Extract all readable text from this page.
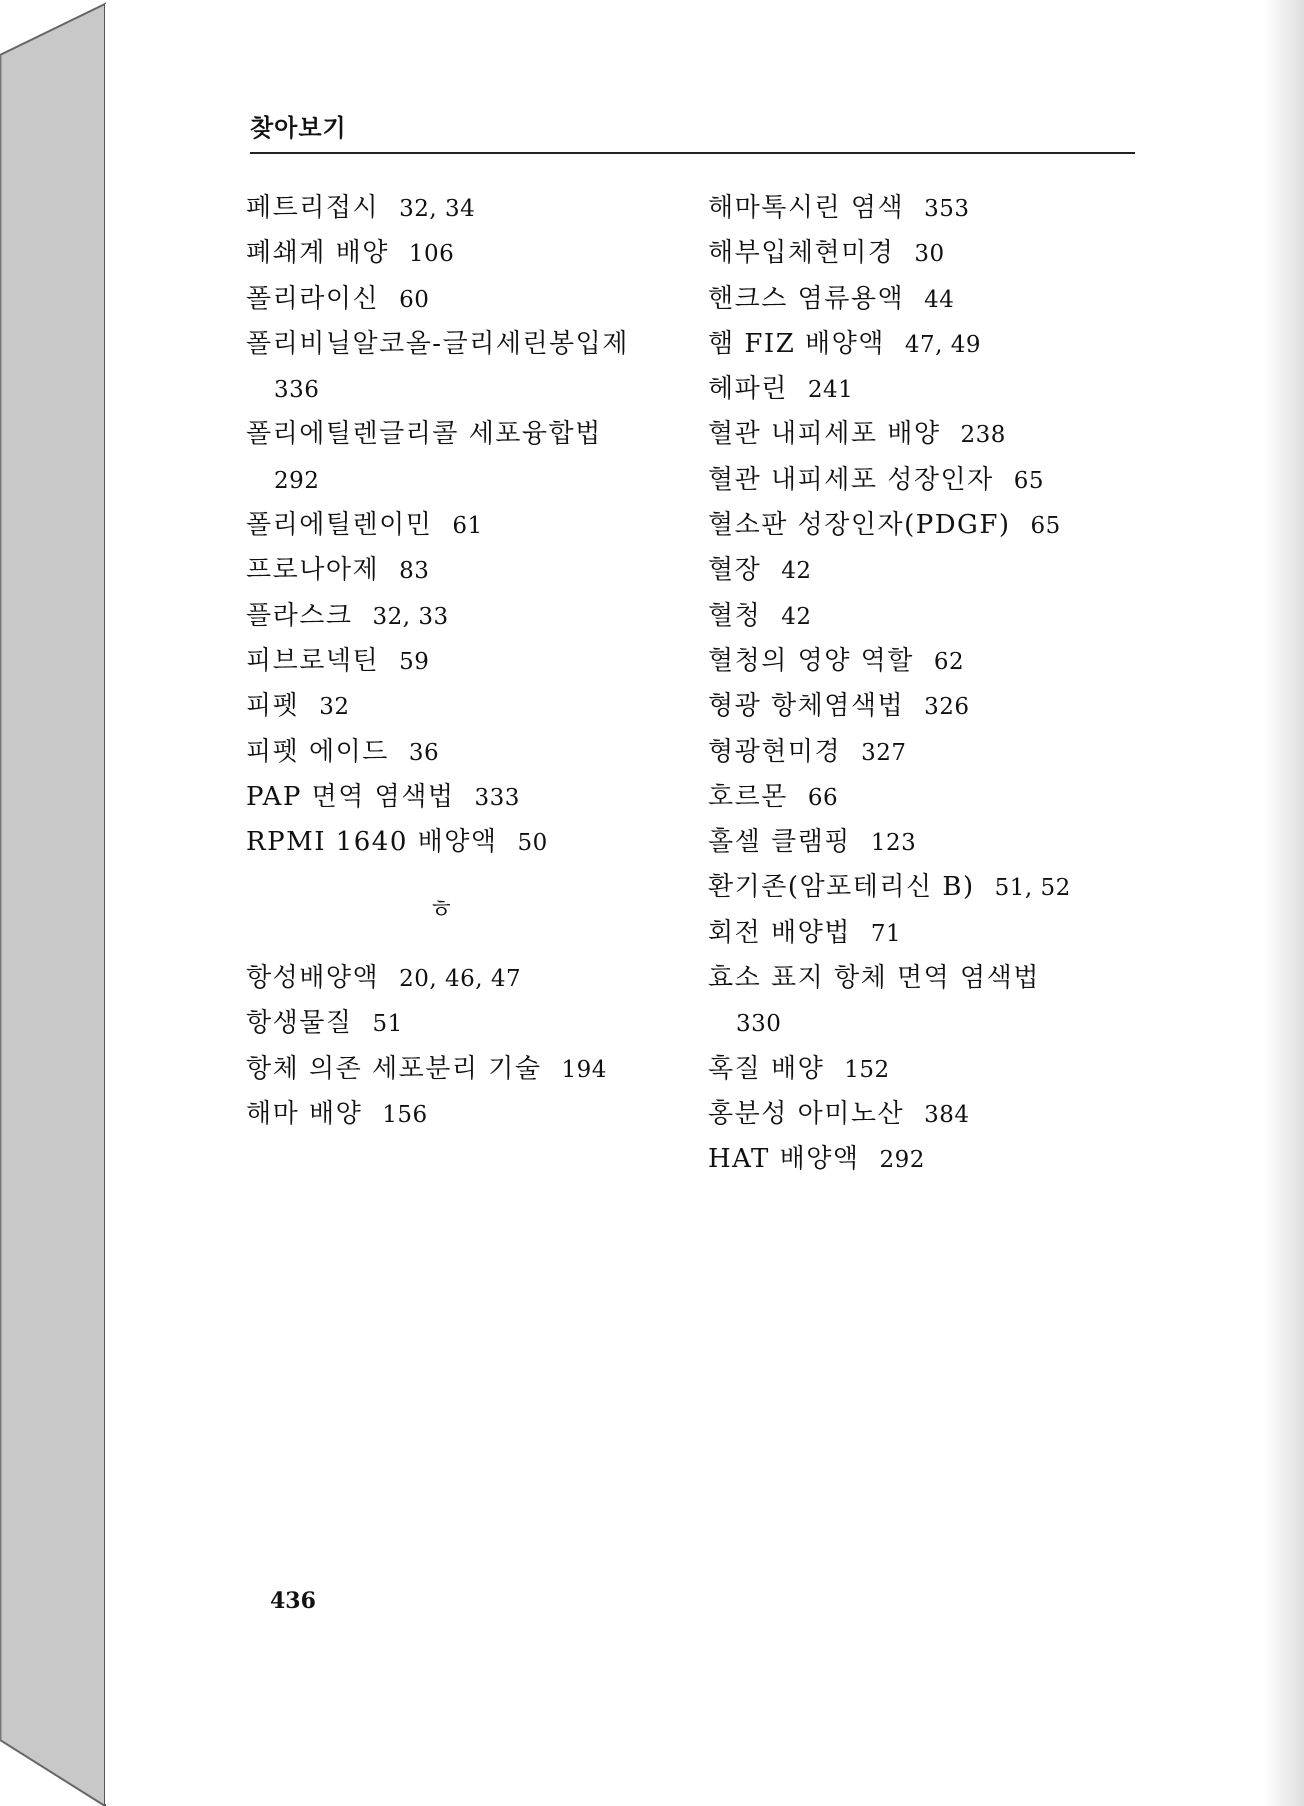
찾아보기
페트리접시 32, 34
폐쇄계 배양 106
폴리라이신 60
폴리비닐알코올-글리세린봉입제
336
폴리에틸렌글리콜 세포융합법
292
폴리에틸렌이민 61
프로나아제 83
플라스크 32, 33
피브로넥틴 59
피펫 32
피펫 에이드 36
PAP 면역 염색법 333
RPMI 1640 배양액 50
ㅎ
항성배양액 20, 46, 47
항생물질 51
항체 의존 세포분리 기술 194
해마 배양 156
해마톡시린 염색 353
해부입체현미경 30
핸크스 염류용액 44
햄 FIZ 배양액 47, 49
헤파린 241
혈관 내피세포 배양 238
혈관 내피세포 성장인자 65
혈소판 성장인자(PDGF) 65
혈장 42
혈청 42
혈청의 영양 역할 62
형광 항체염색법 326
형광현미경 327
호르몬 66
홀셀 클램핑 123
환기존(암포테리신 B) 51, 52
회전 배양법 71
효소 표지 항체 면역 염색법
330
혹질 배양 152
홍분성 아미노산 384
HAT 배양액 292
436
